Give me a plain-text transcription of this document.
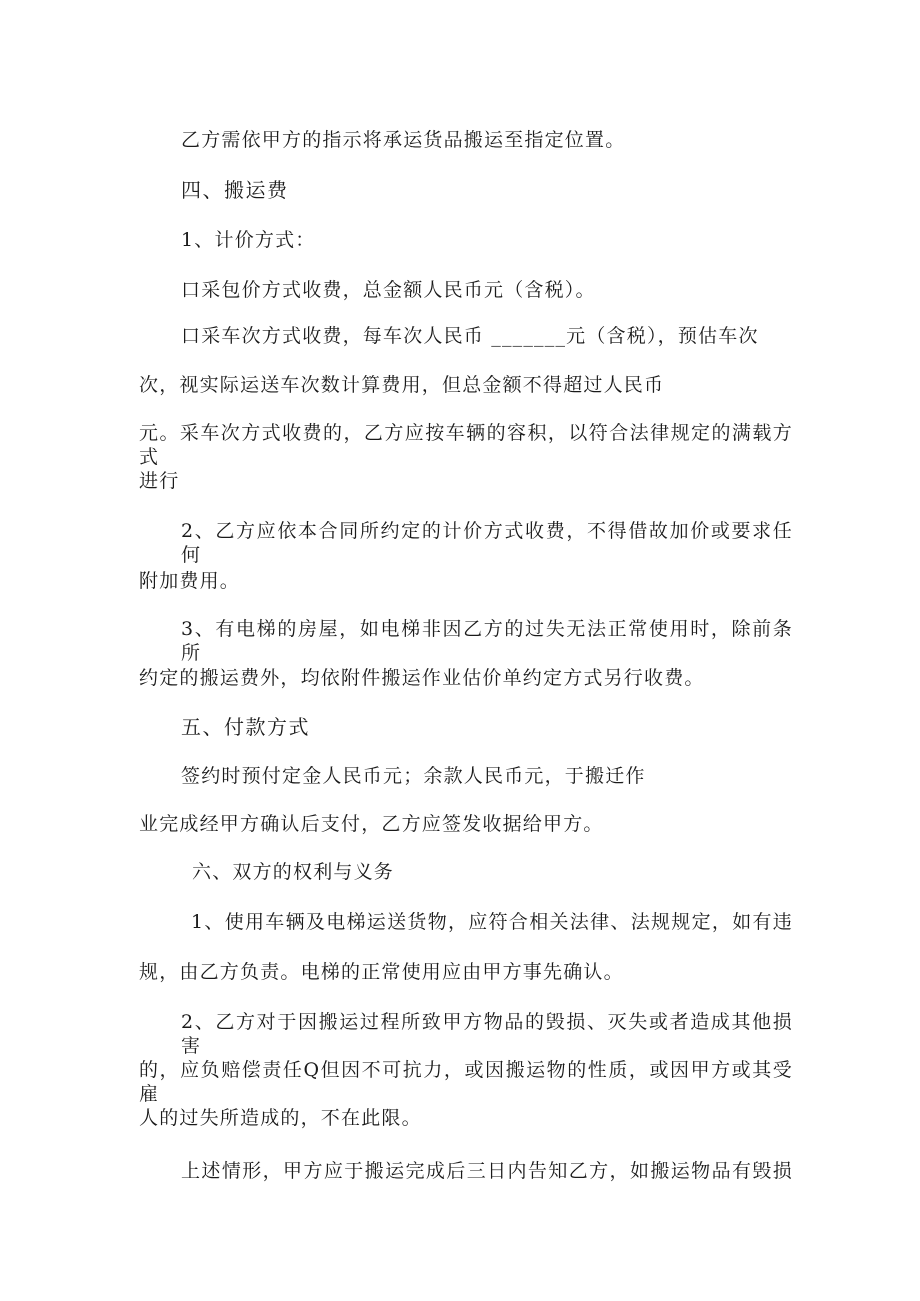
乙方需依甲方的指示将承运货品搬运至指定位置。
四、搬运费
1、计价方式：
口采包价方式收费，总金额人民币元（含税）。
口采车次方式收费，每车次人民币 _______元（含税），预估车次
次，视实际运送车次数计算费用，但总金额不得超过人民币
元。采车次方式收费的，乙方应按车辆的容积，以符合法律规定的满载方式
进行
2、乙方应依本合同所约定的计价方式收费，不得借故加价或要求任何
附加费用。
3、有电梯的房屋，如电梯非因乙方的过失无法正常使用时，除前条所
约定的搬运费外，均依附件搬运作业估价单约定方式另行收费。
五、付款方式
签约时预付定金人民币元；余款人民币元，于搬迁作
业完成经甲方确认后支付，乙方应签发收据给甲方。
六、双方的权利与义务
1、使用车辆及电梯运送货物，应符合相关法律、法规规定，如有违
规，由乙方负责。电梯的正常使用应由甲方事先确认。
2、乙方对于因搬运过程所致甲方物品的毁损、灭失或者造成其他损害
的，应负赔偿责任Q但因不可抗力，或因搬运物的性质，或因甲方或其受雇
人的过失所造成的，不在此限。
上述情形，甲方应于搬运完成后三日内告知乙方，如搬运物品有毁损
